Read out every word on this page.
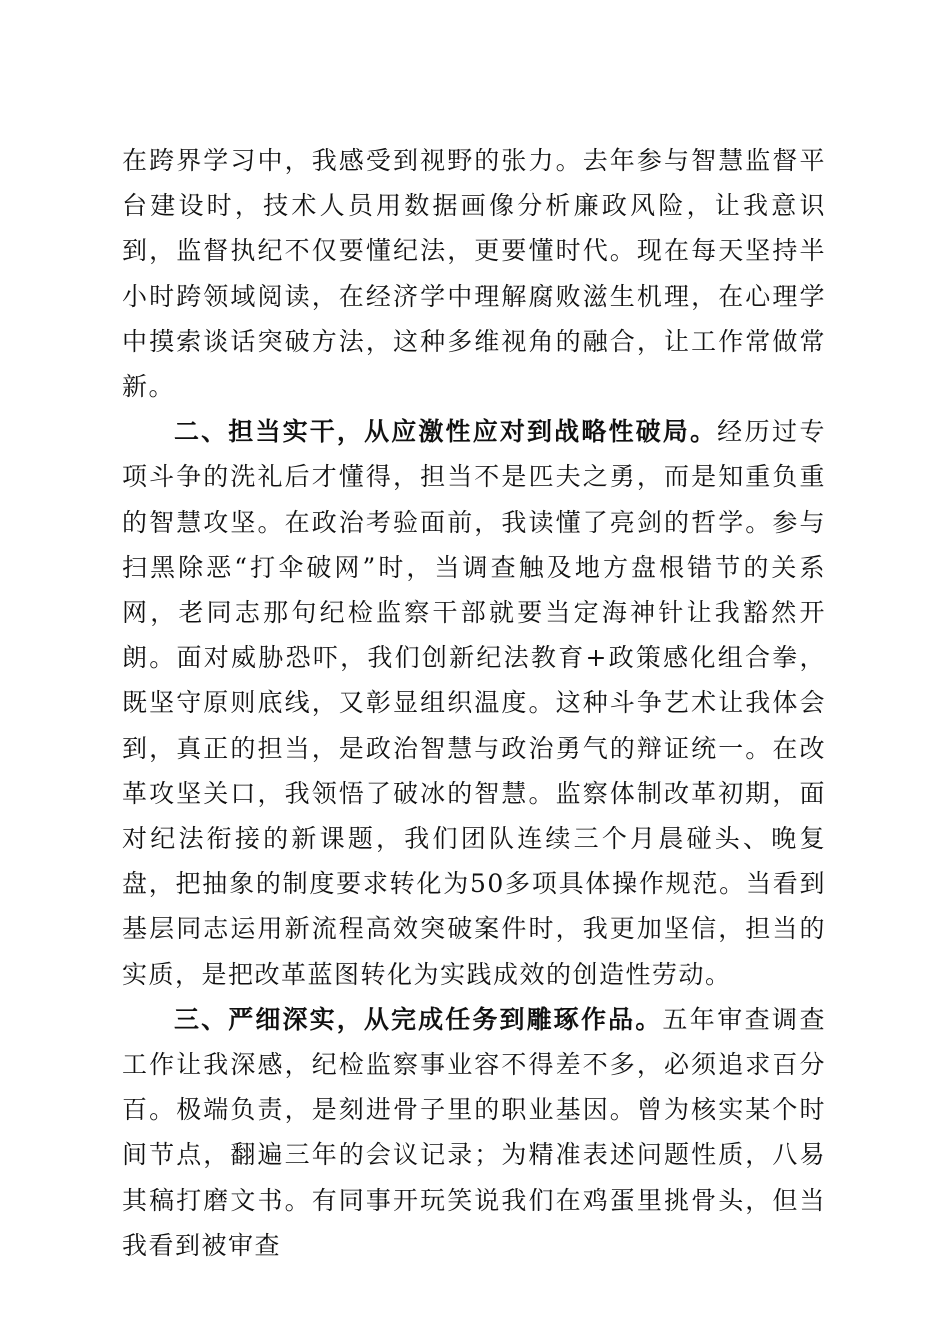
在跨界学习中，我感受到视野的张力。去年参与智慧监督平台建设时，技术人员用数据画像分析廉政风险，让我意识到，监督执纪不仅要懂纪法，更要懂时代。现在每天坚持半小时跨领域阅读，在经济学中理解腐败滋生机理，在心理学中摸索谈话突破方法，这种多维视角的融合，让工作常做常新。

二、担当实干，从应激性应对到战略性破局。经历过专项斗争的洗礼后才懂得，担当不是匹夫之勇，而是知重负重的智慧攻坚。在政治考验面前，我读懂了亮剑的哲学。参与扫黑除恶“打伞破网”时，当调查触及地方盘根错节的关系网，老同志那句纪检监察干部就要当定海神针让我豁然开朗。面对威胁恐吓，我们创新纪法教育+政策感化组合拳，既坚守原则底线，又彰显组织温度。这种斗争艺术让我体会到，真正的担当，是政治智慧与政治勇气的辩证统一。在改革攻坚关口，我领悟了破冰的智慧。监察体制改革初期，面对纪法衔接的新课题，我们团队连续三个月晨碰头、晚复盘，把抽象的制度要求转化为50多项具体操作规范。当看到基层同志运用新流程高效突破案件时，我更加坚信，担当的实质，是把改革蓝图转化为实践成效的创造性劳动。

三、严细深实，从完成任务到雕琢作品。五年审查调查工作让我深感，纪检监察事业容不得差不多，必须追求百分百。极端负责，是刻进骨子里的职业基因。曾为核实某个时间节点，翻遍三年的会议记录；为精准表述问题性质，八易其稿打磨文书。有同事开玩笑说我们在鸡蛋里挑骨头，但当我看到被审查
